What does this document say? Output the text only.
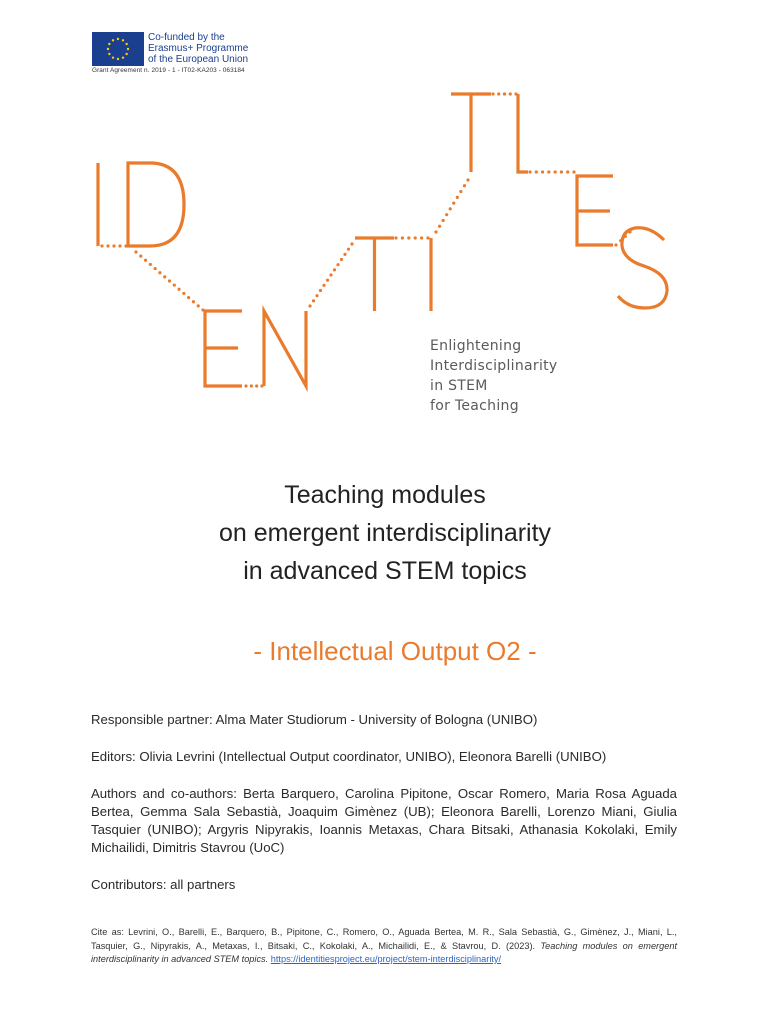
Co-funded by the
Erasmus+ Programme
of the European Union
Grant Agreement n. 2019 - 1 - IT02-KA203 - 063184
Enlightening
Interdisciplinarity
in STEM
for Teaching
Teaching modules
on emergent interdisciplinarity
in advanced STEM topics
- Intellectual Output O2 -

Responsible partner: Alma Mater Studiorum - University of Bologna (UNIBO)

Editors: Olivia Levrini (Intellectual Output coordinator, UNIBO), Eleonora Barelli (UNIBO)

Authors and co-authors: Berta Barquero, Carolina Pipitone, Oscar Romero, Maria Rosa Aguada Bertea, Gemma Sala Sebastià, Joaquim Gimènez (UB); Eleonora Barelli, Lorenzo Miani, Giulia Tasquier (UNIBO); Argyris Nipyrakis, Ioannis Metaxas, Chara Bitsaki, Athanasia Kokolaki, Emily Michailidi, Dimitris Stavrou (UoC)

Contributors: all partners

Cite as: Levrini, O., Barelli, E., Barquero, B., Pipitone, C., Romero, O., Aguada Bertea, M. R., Sala Sebastià, G., Gimènez, J., Miani, L., Tasquier, G., Nipyrakis, A., Metaxas, I., Bitsaki, C., Kokolaki, A., Michailidi, E., & Stavrou, D. (2023). Teaching modules on emergent interdisciplinarity in advanced STEM topics. https://identitiesproject.eu/project/stem-interdisciplinarity/
